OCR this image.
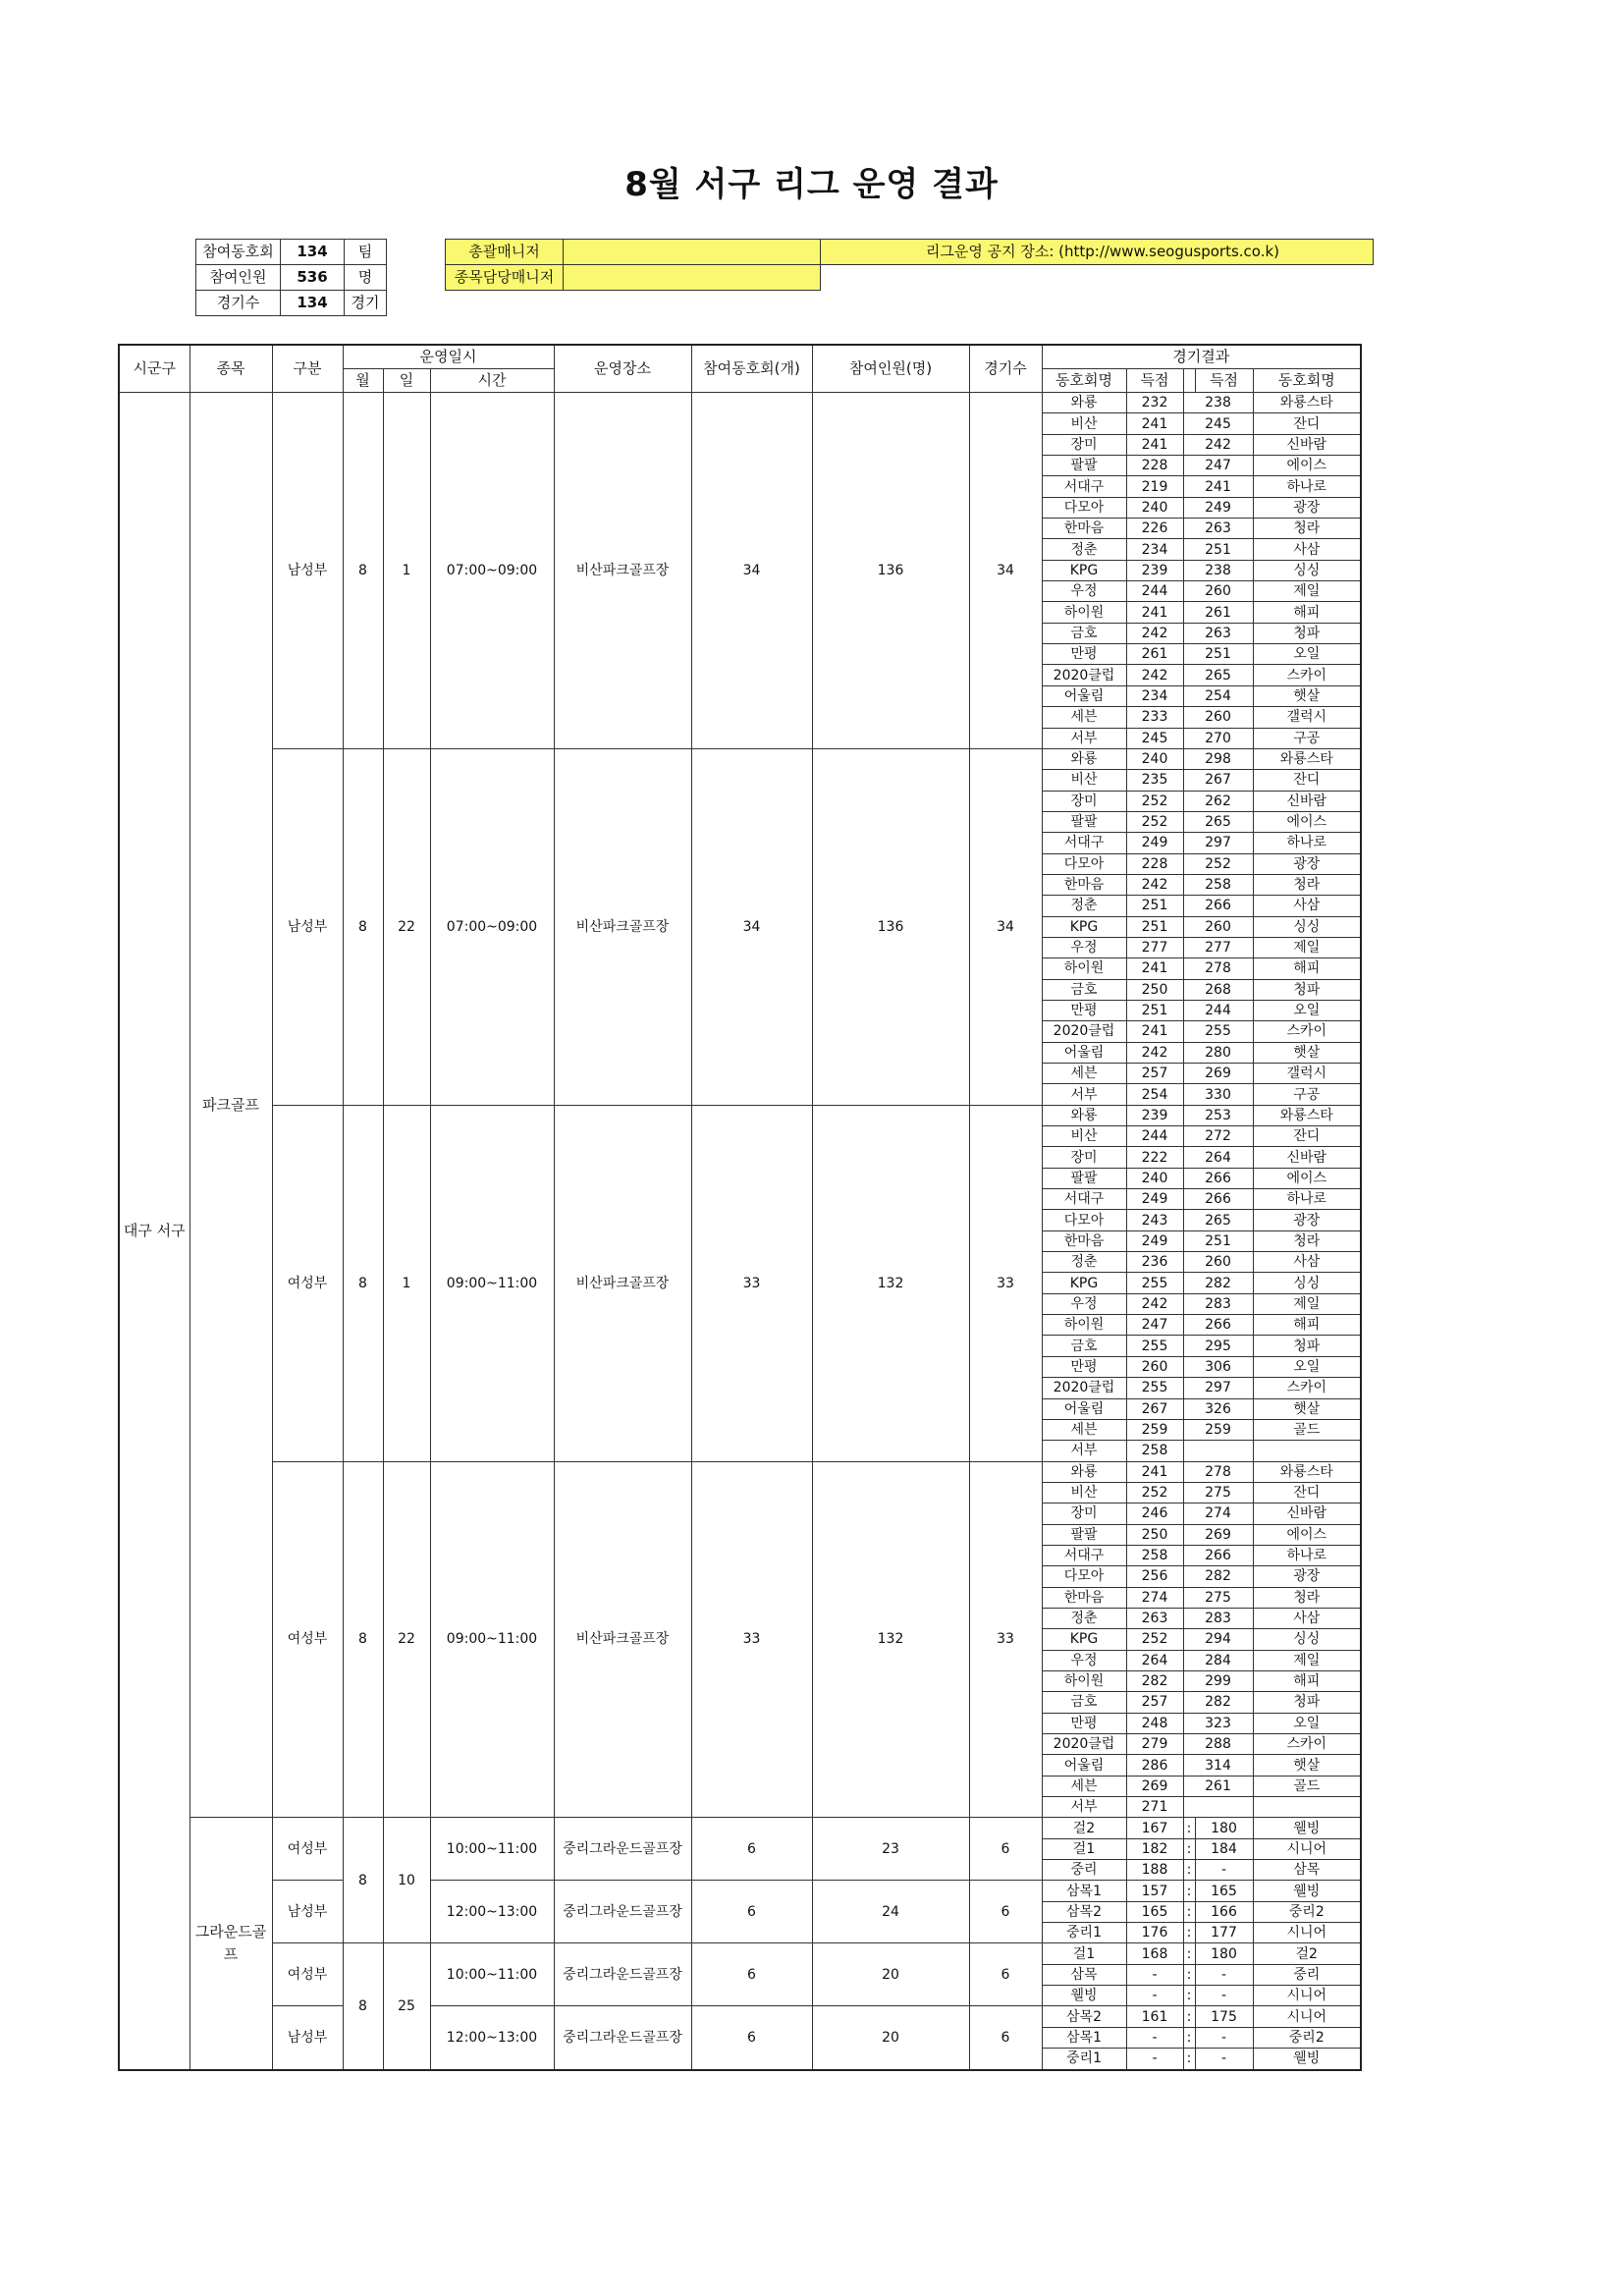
8월 서구 리그 운영 결과
참여동호회	134	팀
참여인원	536	명
경기수	134	경기
총괄매니저		리그운영 공지 장소: (http://www.seogusports.co.k)
종목담당매니저		
시군구	종목	구분	운영일시			운영장소	참여동호회(개)	참여인원(명)	경기수	경기결과				
			월	일	시간					동호회명	득점		득점	동호회명
대구 서구	파크골프	남성부	8	1	07:00~09:00	비산파크골프장	34	136	34	와룡	232	238		와룡스타
										비산	241	245		잔디
										장미	241	242		신바람
										팔팔	228	247		에이스
										서대구	219	241		하나로
										다모아	240	249		광장
										한마음	226	263		청라
										정춘	234	251		사삼
										KPG	239	238		싱싱
										우정	244	260		제일
										하이원	241	261		해피
										금호	242	263		청파
										만평	261	251		오일
										2020클럽	242	265		스카이
										어울림	234	254		햇살
										세븐	233	260		갤럭시
										서부	245	270		구공
		남성부	8	22	07:00~09:00	비산파크골프장	34	136	34	와룡	240	298		와룡스타
										비산	235	267		잔디
										장미	252	262		신바람
										팔팔	252	265		에이스
										서대구	249	297		하나로
										다모아	228	252		광장
										한마음	242	258		청라
										정춘	251	266		사삼
										KPG	251	260		싱싱
										우정	277	277		제일
										하이원	241	278		해피
										금호	250	268		청파
										만평	251	244		오일
										2020클럽	241	255		스카이
										어울림	242	280		햇살
										세븐	257	269		갤럭시
										서부	254	330		구공
		여성부	8	1	09:00~11:00	비산파크골프장	33	132	33	와룡	239	253		와룡스타
										비산	244	272		잔디
										장미	222	264		신바람
										팔팔	240	266		에이스
										서대구	249	266		하나로
										다모아	243	265		광장
										한마음	249	251		청라
										정춘	236	260		사삼
										KPG	255	282		싱싱
										우정	242	283		제일
										하이원	247	266		해피
										금호	255	295		청파
										만평	260	306		오일
										2020클럽	255	297		스카이
										어울림	267	326		햇살
										세븐	259	259		골드
										서부	258			
		여성부	8	22	09:00~11:00	비산파크골프장	33	132	33	와룡	241	278		와룡스타
										비산	252	275		잔디
										장미	246	274		신바람
										팔팔	250	269		에이스
										서대구	258	266		하나로
										다모아	256	282		광장
										한마음	274	275		청라
										정춘	263	283		사삼
										KPG	252	294		싱싱
										우정	264	284		제일
										하이원	282	299		해피
										금호	257	282		청파
										만평	248	323		오일
										2020클럽	279	288		스카이
										어울림	286	314		햇살
										세븐	269	261		골드
										서부	271			
	그라운드골프	여성부	8	10	10:00~11:00	중리그라운드골프장	6	23	6	걸2	167	:	180	웰빙
										걸1	182	:	184	시니어
										중리	188	:	-	삼목
		남성부			12:00~13:00	중리그라운드골프장	6	24	6	삼목1	157	:	165	웰빙
										삼목2	165	:	166	중리2
										중리1	176	:	177	시니어
		여성부	8	25	10:00~11:00	중리그라운드골프장	6	20	6	걸1	168	:	180	걸2
										삼목	-	:	-	중리
										웰빙	-	:	-	시니어
		남성부			12:00~13:00	중리그라운드골프장	6	20	6	삼목2	161	:	175	시니어
										삼목1	-	:	-	중리2
										중리1	-	:	-	웰빙
